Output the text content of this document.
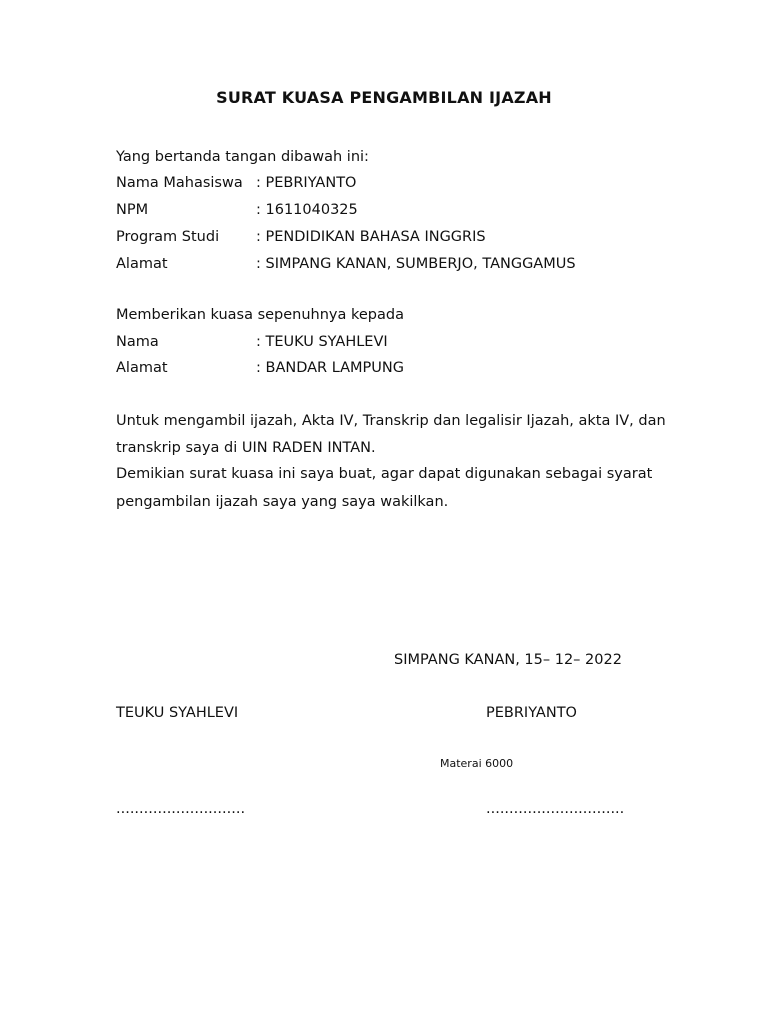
SURAT KUASA PENGAMBILAN IJAZAH
Yang bertanda tangan dibawah ini:
Nama Mahasiswa : PEBRIYANTO
NPM	: 1611040325
Program Studi	: PENDIDIKAN BAHASA INGGRIS
Alamat	: SIMPANG KANAN, SUMBERJO, TANGGAMUS
Memberikan kuasa sepenuhnya kepada
Nama	: TEUKU SYAHLEVI
Alamat	: BANDAR LAMPUNG
Untuk mengambil ijazah, Akta IV, Transkrip dan legalisir Ijazah, akta IV, dan
transkrip saya di UIN RADEN INTAN.
Demikian surat kuasa ini saya buat, agar dapat digunakan sebagai syarat
pengambilan ijazah saya yang saya wakilkan.
SIMPANG KANAN, 15– 12– 2022
TEUKU SYAHLEVI	PEBRIYANTO
Materai 6000
............................	..............................
